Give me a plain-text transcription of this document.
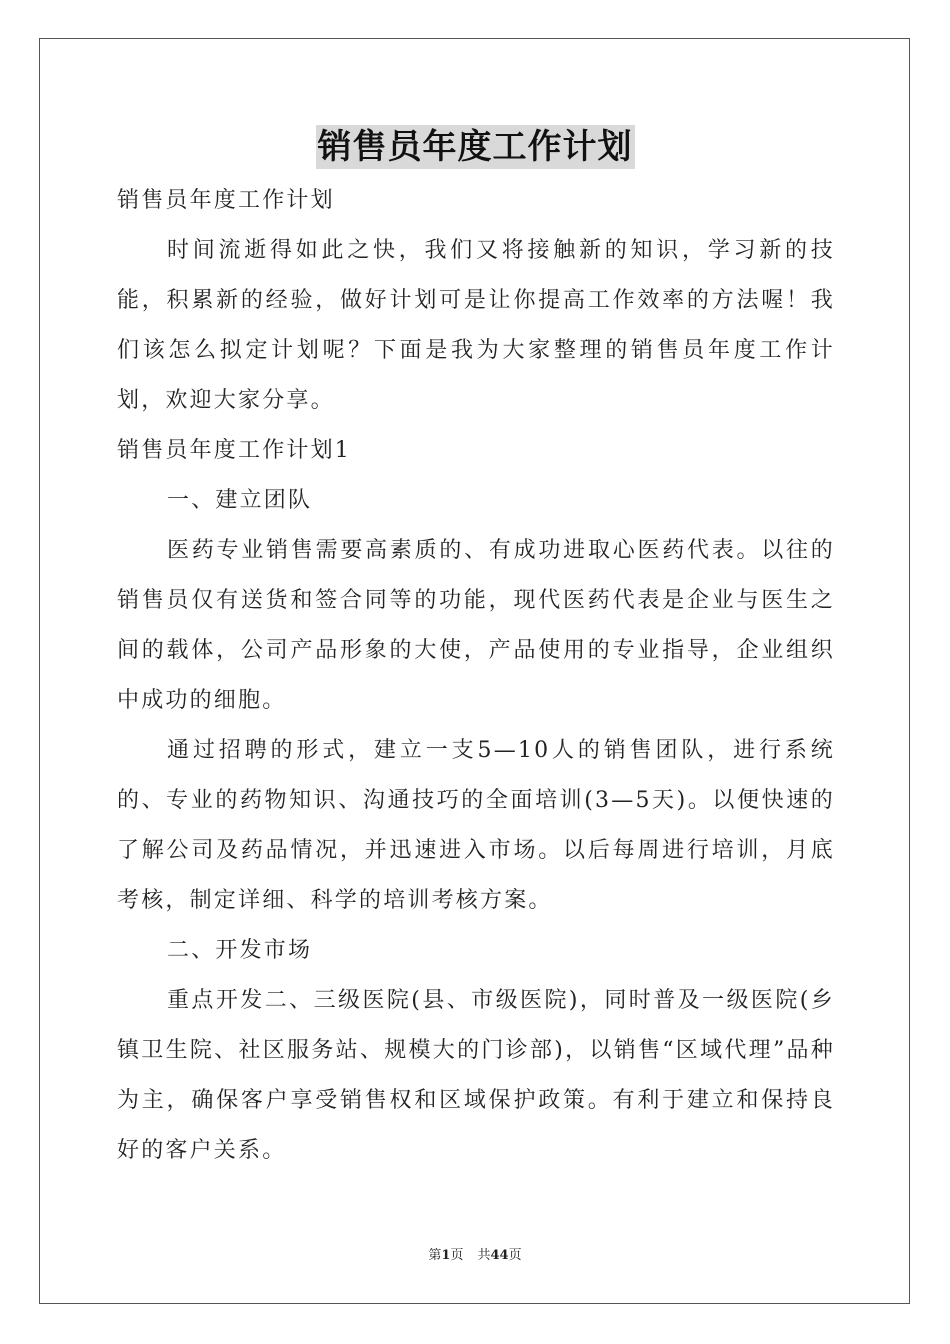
销售员年度工作计划

销售员年度工作计划

时间流逝得如此之快，我们又将接触新的知识，学习新的技能，积累新的经验，做好计划可是让你提高工作效率的方法喔！我们该怎么拟定计划呢？下面是我为大家整理的销售员年度工作计划，欢迎大家分享。

销售员年度工作计划1

一、建立团队

医药专业销售需要高素质的、有成功进取心医药代表。以往的销售员仅有送货和签合同等的功能，现代医药代表是企业与医生之间的载体，公司产品形象的大使，产品使用的专业指导，企业组织中成功的细胞。

通过招聘的形式，建立一支5—10人的销售团队，进行系统的、专业的药物知识、沟通技巧的全面培训(3—5天)。以便快速的了解公司及药品情况，并迅速进入市场。以后每周进行培训，月底考核，制定详细、科学的培训考核方案。

二、开发市场

重点开发二、三级医院(县、市级医院)，同时普及一级医院(乡镇卫生院、社区服务站、规模大的门诊部)，以销售“区域代理”品种为主，确保客户享受销售权和区域保护政策。有利于建立和保持良好的客户关系。

第1页 共44页
